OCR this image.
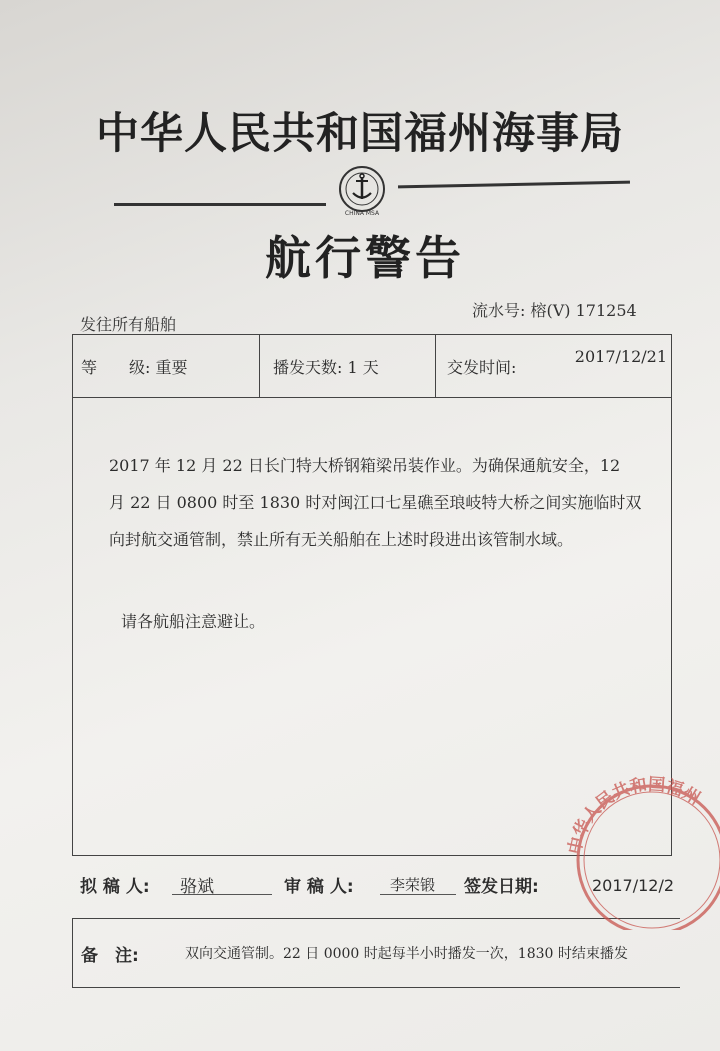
中华人民共和国福州海事局
CHINA MSA
航行警告
发往所有船舶
流水号: 榕(V) 171254
等　　级: 重要	播发天数: 1 天	交发时间:
2017/12/21
2017 年 12 月 22 日长门特大桥钢箱梁吊装作业。为确保通航安全，12
月 22 日 0800 时至 1830 时对闽江口七星礁至琅岐特大桥之间实施临时双
向封航交通管制，禁止所有无关船舶在上述时段进出该管制水域。
请各航船注意避让。
拟 稿 人: 骆斌	审 稿 人: 李荣锻 签发日期:	2017/12/2
备　注:	双向交通管制。22 日 0000 时起每半小时播发一次，1830 时结束播发
中华人民共和国福州
